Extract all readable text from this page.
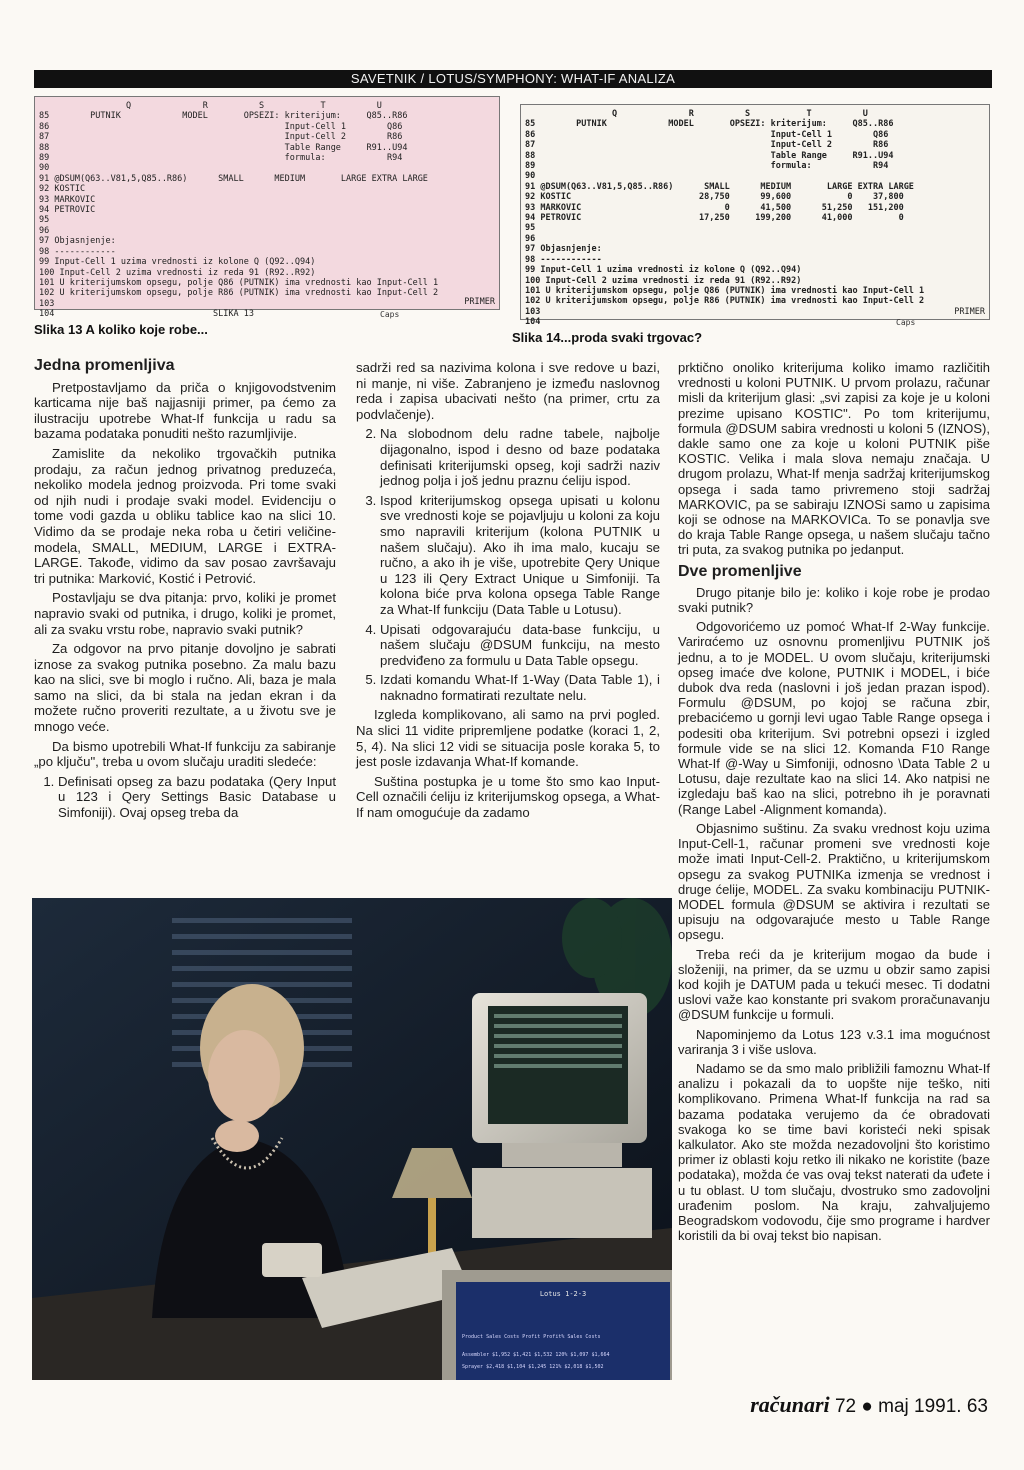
SAVETNIK / LOTUS/SYMPHONY: WHAT-IF ANALIZA

Q              R          S           T          U
85        PUTNIK            MODEL       OPSEZI: kriterijum:     Q85..R86
86                                              Input-Cell 1        Q86
87                                              Input-Cell 2        R86
88                                              Table Range     R91..U94
89                                              formula:            R94
90
91 @DSUM(Q63..V81,5,Q85..R86)      SMALL      MEDIUM       LARGE EXTRA LARGE
92 KOSTIC
93 MARKOVIC
94 PETROVIC
95
96
97 Objasnjenje:
98 ------------
99 Input-Cell 1 uzima vrednosti iz kolone Q (Q92..Q94)
100 Input-Cell 2 uzima vrednosti iz reda 91 (R92..R92)
101 U kriterijumskom opsegu, polje Q86 (PUTNIK) ima vrednosti kao Input-Cell 1
102 U kriterijumskom opsegu, polje R86 (PUTNIK) ima vrednosti kao Input-Cell 2
103
104                               SLIKA 13

PRIMER

Caps
Slika 13 A koliko koje robe...

Q              R          S           T          U
85        PUTNIK            MODEL       OPSEZI: kriterijum:     Q85..R86
86                                              Input-Cell 1        Q86
87                                              Input-Cell 2        R86
88                                              Table Range     R91..U94
89                                              formula:            R94
90
91 @DSUM(Q63..V81,5,Q85..R86)      SMALL      MEDIUM       LARGE EXTRA LARGE
92 KOSTIC                         28,750      99,600           0    37,800
93 MARKOVIC                            0      41,500      51,250   151,200
94 PETROVIC                       17,250     199,200      41,000         0
95
96
97 Objasnjenje:
98 ------------
99 Input-Cell 1 uzima vrednosti iz kolone Q (Q92..Q94)
100 Input-Cell 2 uzima vrednosti iz reda 91 (R92..R92)
101 U kriterijumskom opsegu, polje Q86 (PUTNIK) ima vrednosti kao Input-Cell 1
102 U kriterijumskom opsegu, polje R86 (PUTNIK) ima vrednosti kao Input-Cell 2
103
104

PRIMER

Caps
Slika 14...proda svaki trgovac?
Jedna promenljiva

Pretpostavljamo da priča o knjigovodstvenim karticama nije baš najjasniji primer, pa ćemo za ilustraciju upotrebe What-If funkcija u radu sa bazama podataka ponuditi nešto razumljivije.

Zamislite da nekoliko trgovačkih putnika prodaju, za račun jednog privatnog preduzeća, nekoliko modela jednog proizvoda. Pri tome svaki od njih nudi i prodaje svaki model. Evidenciju o tome vodi gazda u obliku tablice kao na slici 10. Vidimo da se prodaje neka roba u četiri veličine-modela, SMALL, MEDIUM, LARGE i EXTRA-LARGE. Takođe, vidimo da sav posao završavaju tri putnika: Marković, Kostić i Petrović.

Postavljaju se dva pitanja: prvo, koliki je promet napravio svaki od putnika, i drugo, koliki je promet, ali za svaku vrstu robe, napravio svaki putnik?

Za odgovor na prvo pitanje dovoljno je sabrati iznose za svakog putnika posebno. Za malu bazu kao na slici, sve bi moglo i ručno. Ali, baza je mala samo na slici, da bi stala na jedan ekran i da možete ručno proveriti rezultate, a u životu sve je mnogo veće.

Da bismo upotrebili What-If funkciju za sabiranje „po ključu", treba u ovom slučaju uraditi sledeće:

1. Definisati opseg za bazu podataka (Qery Input u 123 i Qery Settings Basic Database u Simfoniji). Ovaj opseg treba da

sadrži red sa nazivima kolona i sve redove u bazi, ni manje, ni više. Zabranjeno je između naslovnog reda i zapisa ubacivati nešto (na primer, crtu za podvlačenje).

2. Na slobodnom delu radne tabele, najbolje dijagonalno, ispod i desno od baze podataka definisati kriterijumski opseg, koji sadrži naziv jednog polja i još jednu praznu ćeliju ispod.
3. Ispod kriterijumskog opsega upisati u kolonu sve vrednosti koje se pojavljuju u koloni za koju smo napravili kriterijum (kolona PUTNIK u našem slučaju). Ako ih ima malo, kucaju se ručno, a ako ih je više, upotrebite Qery Unique u 123 ili Qery Extract Unique u Simfoniji. Ta kolona biće prva kolona opsega Table Range za What-If funkciju (Data Table u Lotusu).
4. Upisati odgovarajuću data-base funkciju, u našem slučaju @DSUM funkciju, na mesto predviđeno za formulu u Data Table opsegu.
5. Izdati komandu What-If 1-Way (Data Table 1), i naknadno formatirati rezultate nelu.

Izgleda komplikovano, ali samo na prvi pogled. Na slici 11 vidite pripremljene podatke (koraci 1, 2, 5, 4). Na slici 12 vidi se situacija posle koraka 5, to jest posle izdavanja What-If komande.

Suština postupka je u tome što smo kao Input-Cell označili ćeliju iz kriterijumskog opsega, a What-If nam omogućuje da zadamo

prktično onoliko kriterijuma koliko imamo različitih vrednosti u koloni PUTNIK. U prvom prolazu, računar misli da kriterijum glasi: „svi zapisi za koje je u koloni prezime upisano KOSTIC". Po tom kriterijumu, formula @DSUM sabira vrednosti u koloni 5 (IZNOS), dakle samo one za koje u koloni PUTNIK piše KOSTIC. Velika i mala slova nemaju značaja. U drugom prolazu, What-If menja sadržaj kriterijumskog opsega i sada tamo privremeno stoji sadržaj MARKOVIC, pa se sabiraju IZNOSi samo u zapisima koji se odnose na MARKOVICa. To se ponavlja sve do kraja Table Range opsega, u našem slučaju tačno tri puta, za svakog putnika po jedanput.

Dve promenljive

Drugo pitanje bilo je: koliko i koje robe je prodao svaki putnik?

Odgovorićemo uz pomoć What-If 2-Way funkcije. Varirαćemo uz osnovnu promenljivu PUTNIK još jednu, a to je MODEL. U ovom slučaju, kriterijumski opseg imaće dve kolone, PUTNIK i MODEL, i biće dubok dva reda (naslovni i još jedan prazan ispod). Formulu @DSUM, po kojoj se računa zbir, prebacićemo u gornji levi ugao Table Range opsega i podesiti oba kriterijum. Svi potrebni opsezi i izgled formule vide se na slici 12. Komanda F10 Range What-If @-Way u Simfoniji, odnosno \Data Table 2 u Lotusu, daje rezultate kao na slici 14. Ako natpisi ne izgledaju baš kao na slici, potrebno ih je poravnati (Range Label -Alignment komanda).

Objasnimo suštinu. Za svaku vrednost koju uzima Input-Cell-1, računar promeni sve vrednosti koje može imati Input-Cell-2. Praktično, u kriterijumskom opsegu za svakog PUTNIKa izmenja se vrednost i druge ćelije, MODEL. Za svaku kombinaciju PUTNIK-MODEL formula @DSUM se aktivira i rezultati se upisuju na odgovarajuće mesto u Table Range opsegu.

Treba reći da je kriterijum mogao da bude i složeniji, na primer, da se uzmu u obzir samo zapisi kod kojih je DATUM pada u tekući mesec. Ti dodatni uslovi važe kao konstante pri svakom proračunavanju @DSUM funkcije u formuli.

Napominjemo da Lotus 123 v.3.1 ima mogućnost variranja 3 i više uslova.

Nadamo se da smo malo približili famoznu What-If analizu i pokazali da to uopšte nije teško, niti komplikovano. Primena What-If funkcija na rad sa bazama podataka verujemo da će obradovati svakoga ko se time bavi koristeći neki spisak kalkulator. Ako ste možda nezadovoljni što koristimo primer iz oblasti koju retko ili nikako ne koristite (baze podataka), možda će vas ovaj tekst naterati da uđete i u tu oblast. U tom slučaju, dvostruko smo zadovoljni urađenim poslom. Na kraju, zahvaljujemo Beogradskom vodovodu, čije smo programe i hardver koristili da bi ovaj tekst bio napisan.

Lotus 1-2-3
Product Sales Costs Profit Profit% Sales Costs
Assembler $1,952 $1,421 $1,532 120% $1,097 $1,664
Sprayer $2,418 $1,104 $1,245 121% $2,018 $1,502
računari 72 ● maj 1991. 63
